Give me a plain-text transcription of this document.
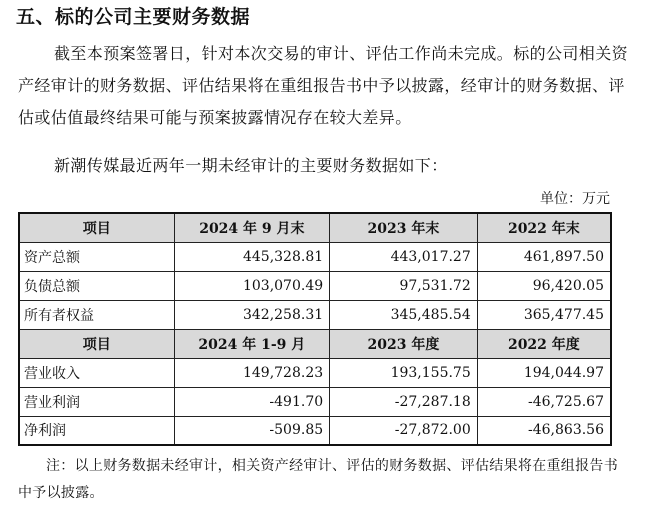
五、标的公司主要财务数据
截至本预案签署日，针对本次交易的审计、评估工作尚未完成。标的公司相关资产经审计的财务数据、评估结果将在重组报告书中予以披露，经审计的财务数据、评估或估值最终结果可能与预案披露情况存在较大差异。
新潮传媒最近两年一期未经审计的主要财务数据如下：
单位：万元
项目	2024 年 9 月末	2023 年末	2022 年末
资产总额	445,328.81	443,017.27	461,897.50
负债总额	103,070.49	97,531.72	96,420.05
所有者权益	342,258.31	345,485.54	365,477.45
项目	2024 年 1-9 月	2023 年度	2022 年度
营业收入	149,728.23	193,155.75	194,044.97
营业利润	-491.70	-27,287.18	-46,725.67
净利润	-509.85	-27,872.00	-46,863.56
注：以上财务数据未经审计，相关资产经审计、评估的财务数据、评估结果将在重组报告书中予以披露。
